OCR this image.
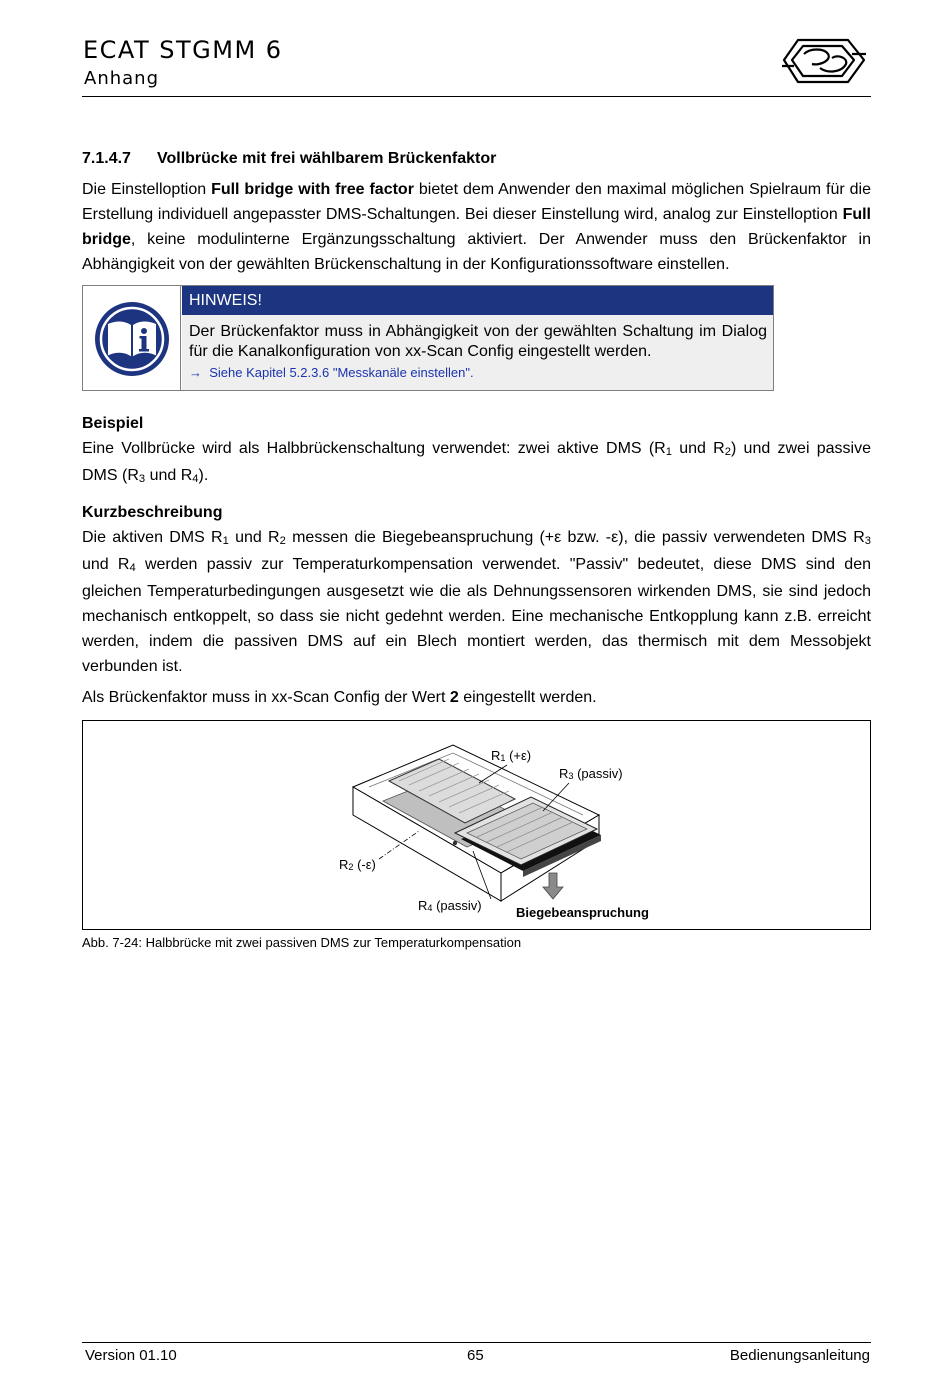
ECAT STGMM 6
Anhang
7.1.4.7 Vollbrücke mit frei wählbarem Brückenfaktor

Die Einstelloption Full bridge with free factor bietet dem Anwender den maximal möglichen Spielraum für die Erstellung individuell angepasster DMS-Schaltungen. Bei dieser Einstellung wird, analog zur Einstelloption Full bridge, keine modulinterne Ergänzungsschaltung aktiviert. Der Anwender muss den Brückenfaktor in Abhängigkeit von der gewählten Brückenschaltung in der Konfigurationssoftware einstellen.

HINWEIS!
Der Brückenfaktor muss in Abhängigkeit von der gewählten Schaltung im Dialog für die Kanalkonfiguration von xx-Scan Config eingestellt werden.
→ Siehe Kapitel 5.2.3.6 "Messkanäle einstellen".
Beispiel

Eine Vollbrücke wird als Halbbrückenschaltung verwendet: zwei aktive DMS ($R_1$ und $R_2$) und zwei passive DMS ($R_3$ und $R_4$).

Kurzbeschreibung

Die aktiven DMS $R_1$ und $R_2$ messen die Biegebeanspruchung (+ε bzw. -ε), die passiv verwendeten DMS $R_3$ und $R_4$ werden passiv zur Temperaturkompensation verwendet. "Passiv" bedeutet, diese DMS sind den gleichen Temperaturbedingungen ausgesetzt wie die als Dehnungssensoren wirkenden DMS, sie sind jedoch mechanisch entkoppelt, so dass sie nicht gedehnt werden. Eine mechanische Entkopplung kann z.B. erreicht werden, indem die passiven DMS auf ein Blech montiert werden, das thermisch mit dem Messobjekt verbunden ist.

Als Brückenfaktor muss in xx-Scan Config der Wert 2 eingestellt werden.

$R_1$ (+ε)
$R_3$ (passiv)
$R_2$ (-ε)
$R_4$ (passiv)	Biegebeanspruchung
Abb. 7-24: Halbbrücke mit zwei passiven DMS zur Temperaturkompensation
Version 01.10	65	Bedienungsanleitung
